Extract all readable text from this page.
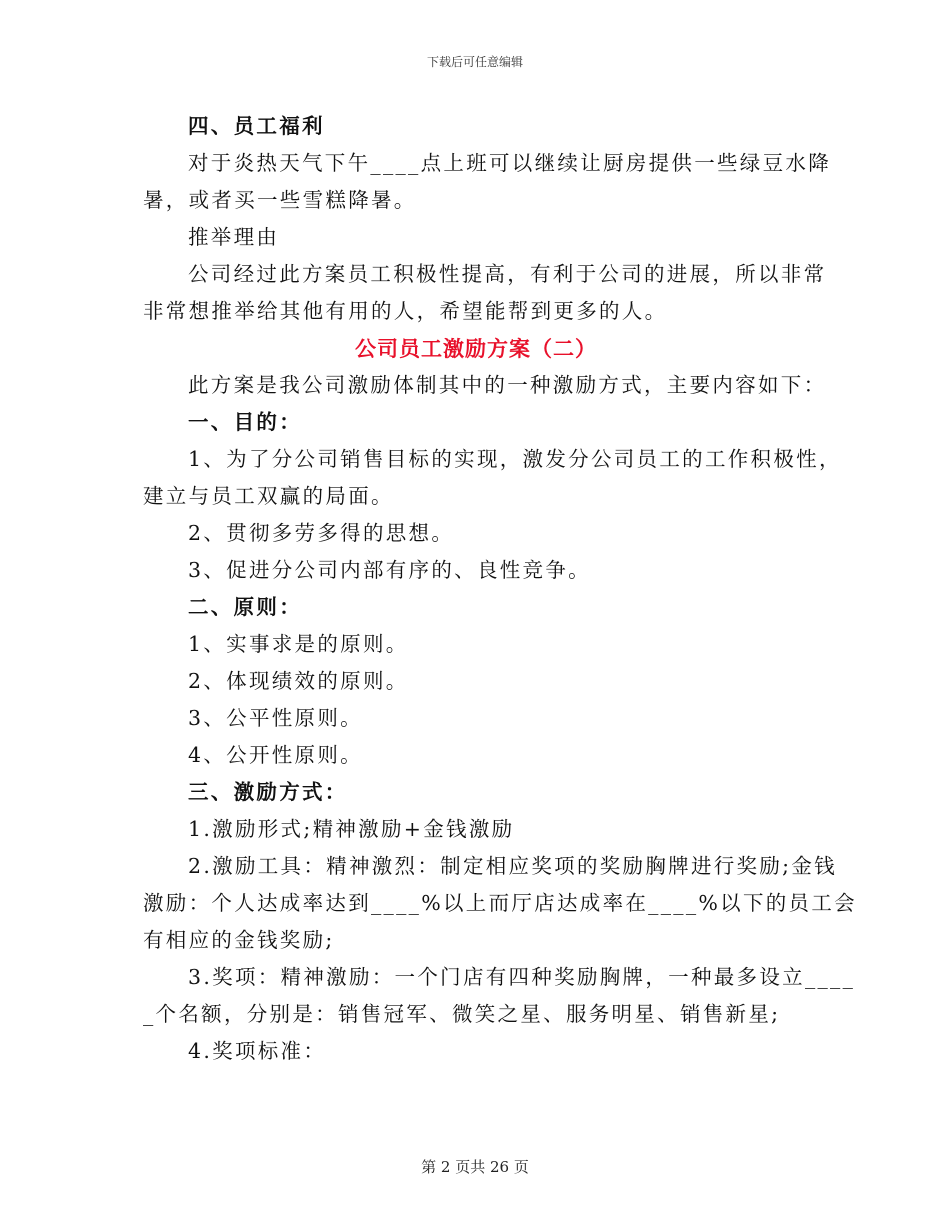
下载后可任意编辑
四、员工福利
对于炎热天气下午____点上班可以继续让厨房提供一些绿豆水降
暑，或者买一些雪糕降暑。
推举理由
公司经过此方案员工积极性提高，有利于公司的进展，所以非常
非常想推举给其他有用的人，希望能帮到更多的人。
公司员工激励方案（二）
此方案是我公司激励体制其中的一种激励方式，主要内容如下：
一、目的：
1、为了分公司销售目标的实现，激发分公司员工的工作积极性，
建立与员工双赢的局面。
2、贯彻多劳多得的思想。
3、促进分公司内部有序的、良性竞争。
二、原则：
1、实事求是的原则。
2、体现绩效的原则。
3、公平性原则。
4、公开性原则。
三、激励方式：
1.激励形式;精神激励+金钱激励
2.激励工具：精神激烈：制定相应奖项的奖励胸牌进行奖励;金钱
激励：个人达成率达到____%以上而厅店达成率在____%以下的员工会
有相应的金钱奖励;
3.奖项：精神激励：一个门店有四种奖励胸牌，一种最多设立____
_个名额，分别是：销售冠军、微笑之星、服务明星、销售新星;
4.奖项标准：
第 2 页共 26 页
